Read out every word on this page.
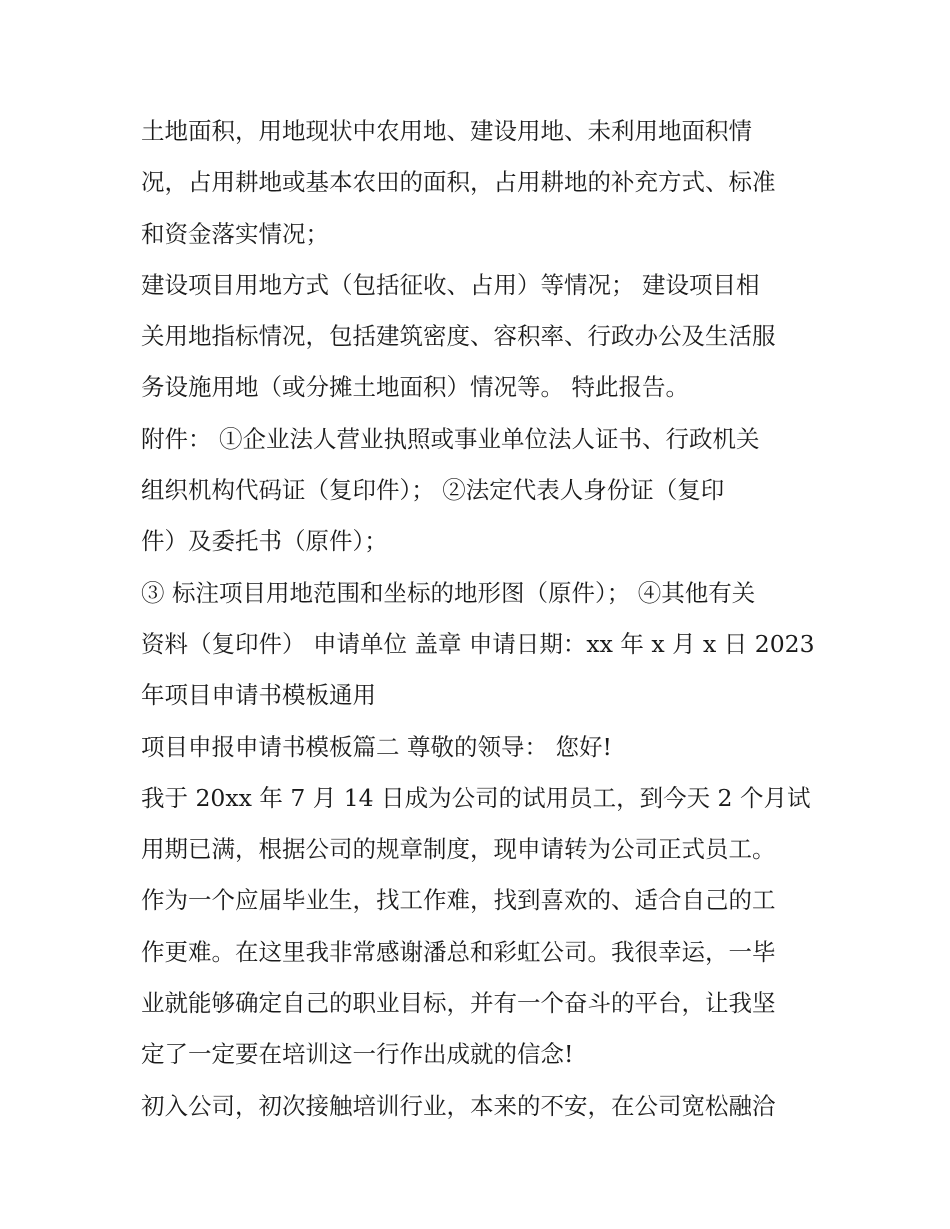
土地面积，用地现状中农用地、建设用地、未利用地面积情
况，占用耕地或基本农田的面积，占用耕地的补充方式、标准
和资金落实情况；
建设项目用地方式（包括征收、占用）等情况； 建设项目相
关用地指标情况，包括建筑密度、容积率、行政办公及生活服
务设施用地（或分摊土地面积）情况等。 特此报告。
附件： ①企业法人营业执照或事业单位法人证书、行政机关
组织机构代码证（复印件）； ②法定代表人身份证（复印
件）及委托书（原件）；
③ 标注项目用地范围和坐标的地形图（原件）； ④其他有关
资料（复印件） 申请单位 盖章 申请日期：xx 年 x 月 x 日 2023
年项目申请书模板通用
项目申报申请书模板篇二 尊敬的领导： 您好!
我于 20xx 年 7 月 14 日成为公司的试用员工，到今天 2 个月试
用期已满，根据公司的规章制度，现申请转为公司正式员工。
作为一个应届毕业生，找工作难，找到喜欢的、适合自己的工
作更难。在这里我非常感谢潘总和彩虹公司。我很幸运，一毕
业就能够确定自己的职业目标，并有一个奋斗的平台，让我坚
定了一定要在培训这一行作出成就的信念!
初入公司，初次接触培训行业，本来的不安，在公司宽松融洽
